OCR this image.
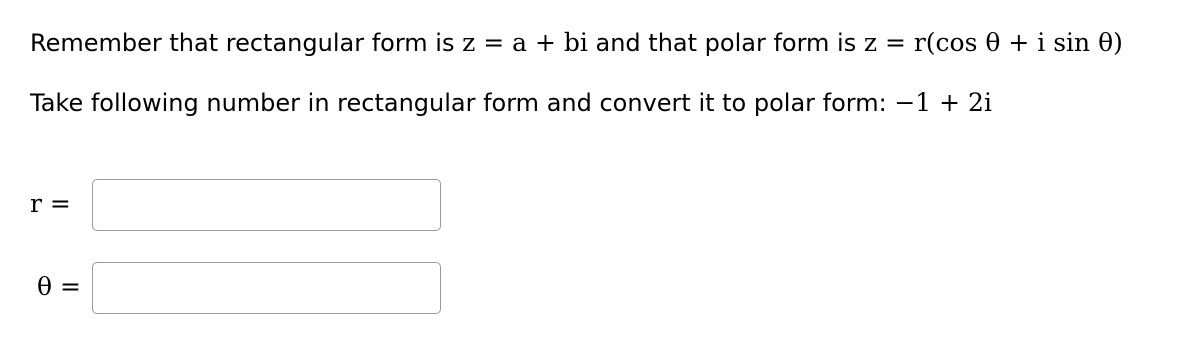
Remember that rectangular form is z = a + bi and that polar form is z = r(cos θ + i sin θ)
Take following number in rectangular form and convert it to polar form: −1 + 2i
r =
θ =
